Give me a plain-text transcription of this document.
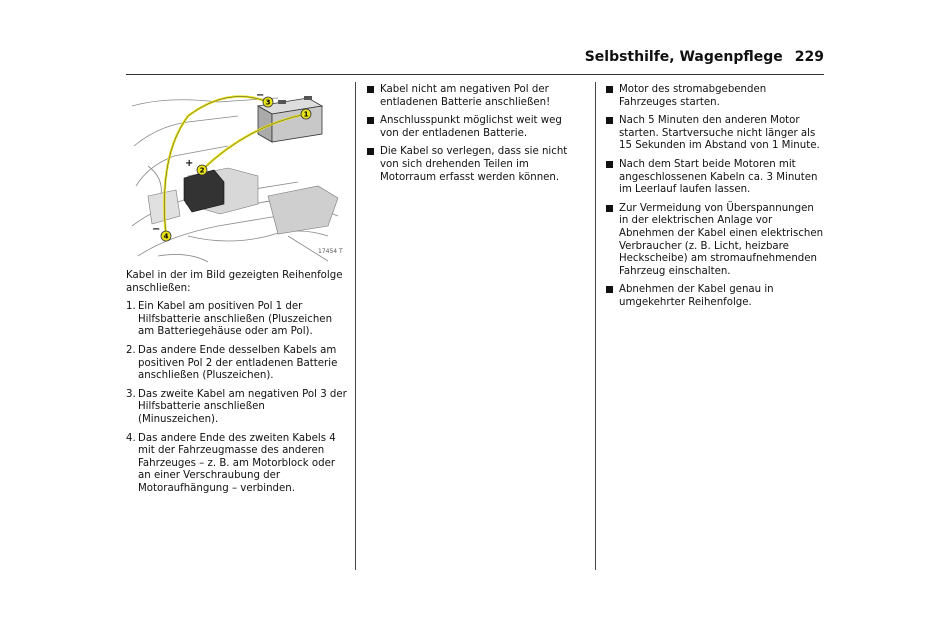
Selbsthilfe, Wagenpflege 229
1
2
3
4
+
−
−
17454 T

Kabel in der im Bild gezeigten Reihenfolge anschließen:

1. Ein Kabel am positiven Pol 1 der Hilfsbatterie anschließen (Pluszeichen am Batteriegehäuse oder am Pol).
2. Das andere Ende desselben Kabels am positiven Pol 2 der entladenen Batterie anschließen (Pluszeichen).
3. Das zweite Kabel am negativen Pol 3 der Hilfsbatterie anschließen (Minuszeichen).
4. Das andere Ende des zweiten Kabels 4 mit der Fahrzeugmasse des anderen Fahrzeuges – z. B. am Motorblock oder an einer Verschraubung der Motoraufhängung – verbinden.
Kabel nicht am negativen Pol der entladenen Batterie anschließen!
Anschlusspunkt möglichst weit weg von der entladenen Batterie.
Die Kabel so verlegen, dass sie nicht von sich drehenden Teilen im Motorraum erfasst werden können.
Motor des stromabgebenden Fahrzeuges starten.
Nach 5 Minuten den anderen Motor starten. Startversuche nicht länger als 15 Sekunden im Abstand von 1 Minute.
Nach dem Start beide Motoren mit angeschlossenen Kabeln ca. 3 Minuten im Leerlauf laufen lassen.
Zur Vermeidung von Überspannungen in der elektrischen Anlage vor Abnehmen der Kabel einen elektrischen Verbraucher (z. B. Licht, heizbare Heckscheibe) am stromaufnehmenden Fahrzeug einschalten.
Abnehmen der Kabel genau in umgekehrter Reihenfolge.
